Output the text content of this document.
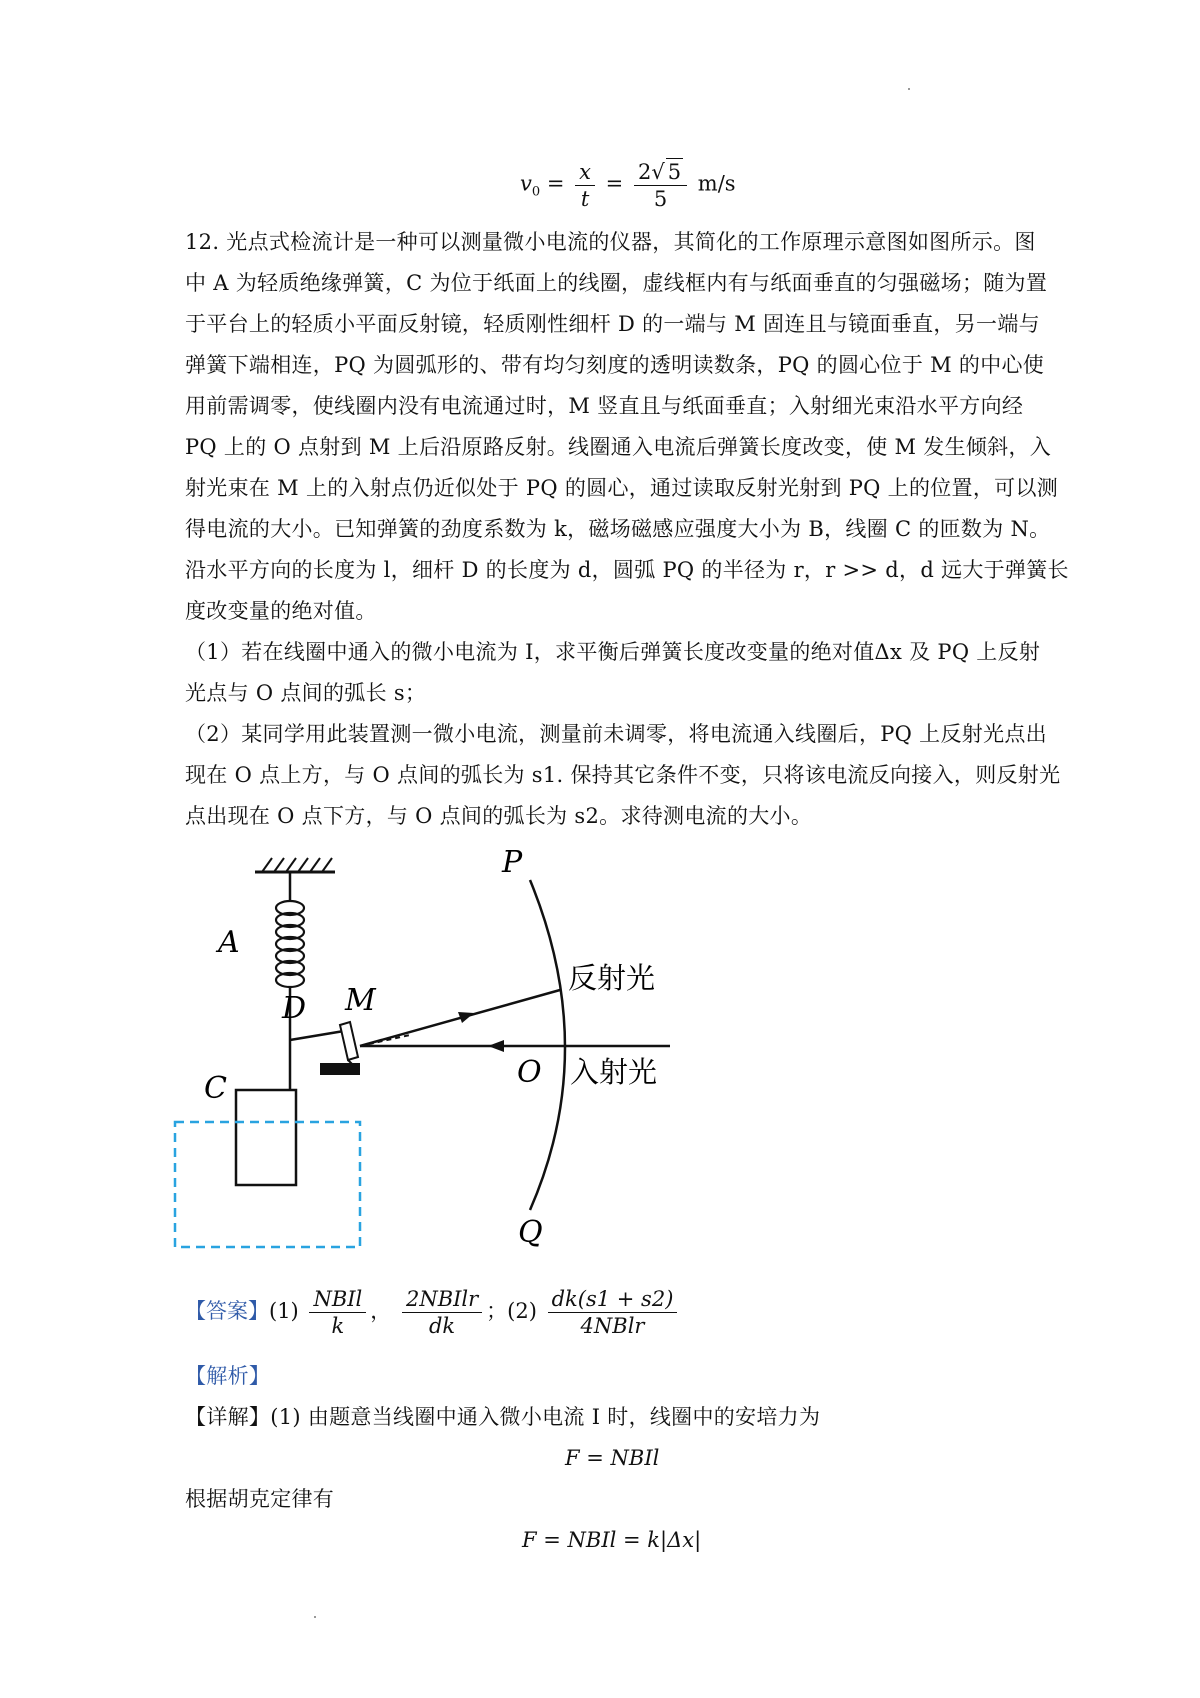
$v_0 = \frac{x}{t} = \frac{2√ 5}{5} m/s$
12. 光点式检流计是一种可以测量微小电流的仪器，其简化的工作原理示意图如图所示。图
中 A 为轻质绝缘弹簧，C 为位于纸面上的线圈，虚线框内有与纸面垂直的匀强磁场；随为置
于平台上的轻质小平面反射镜，轻质刚性细杆 D 的一端与 M 固连且与镜面垂直，另一端与
弹簧下端相连，PQ 为圆弧形的、带有均匀刻度的透明读数条，PQ 的圆心位于 M 的中心使
用前需调零，使线圈内没有电流通过时，M 竖直且与纸面垂直；入射细光束沿水平方向经
PQ 上的 O 点射到 M 上后沿原路反射。线圈通入电流后弹簧长度改变，使 M 发生倾斜，入
射光束在 M 上的入射点仍近似处于 PQ 的圆心，通过读取反射光射到 PQ 上的位置，可以测
得电流的大小。已知弹簧的劲度系数为 k，磁场磁感应强度大小为 B，线圈 C 的匝数为 N。
沿水平方向的长度为 l，细杆 D 的长度为 d，圆弧 PQ 的半径为 r，r >> d，d 远大于弹簧长
度改变量的绝对值。
（1）若在线圈中通入的微小电流为 I，求平衡后弹簧长度改变量的绝对值Δx 及 PQ 上反射
光点与 O 点间的弧长 s；
（2）某同学用此装置测一微小电流，测量前未调零，将电流通入线圈后，PQ 上反射光点出
现在 O 点上方，与 O 点间的弧长为 s1. 保持其它条件不变，只将该电流反向接入，则反射光
点出现在 O 点下方，与 O 点间的弧长为 s2。求待测电流的大小。
A
D M
C
P
Q
O 入射光
反射光
【答案】$(1) \frac{\text{NBIl}}{k}$ ， $\frac{\text{2NBIlr}}{dk}$ ；$(2) \frac{dk(s1 + s2)}{\text{4NBlr}}$
【解析】
【详解】(1) 由题意当线圈中通入微小电流 I 时，线圈中的安培力为
F = NBIl
根据胡克定律有
F = NBIl = k|Δx|
